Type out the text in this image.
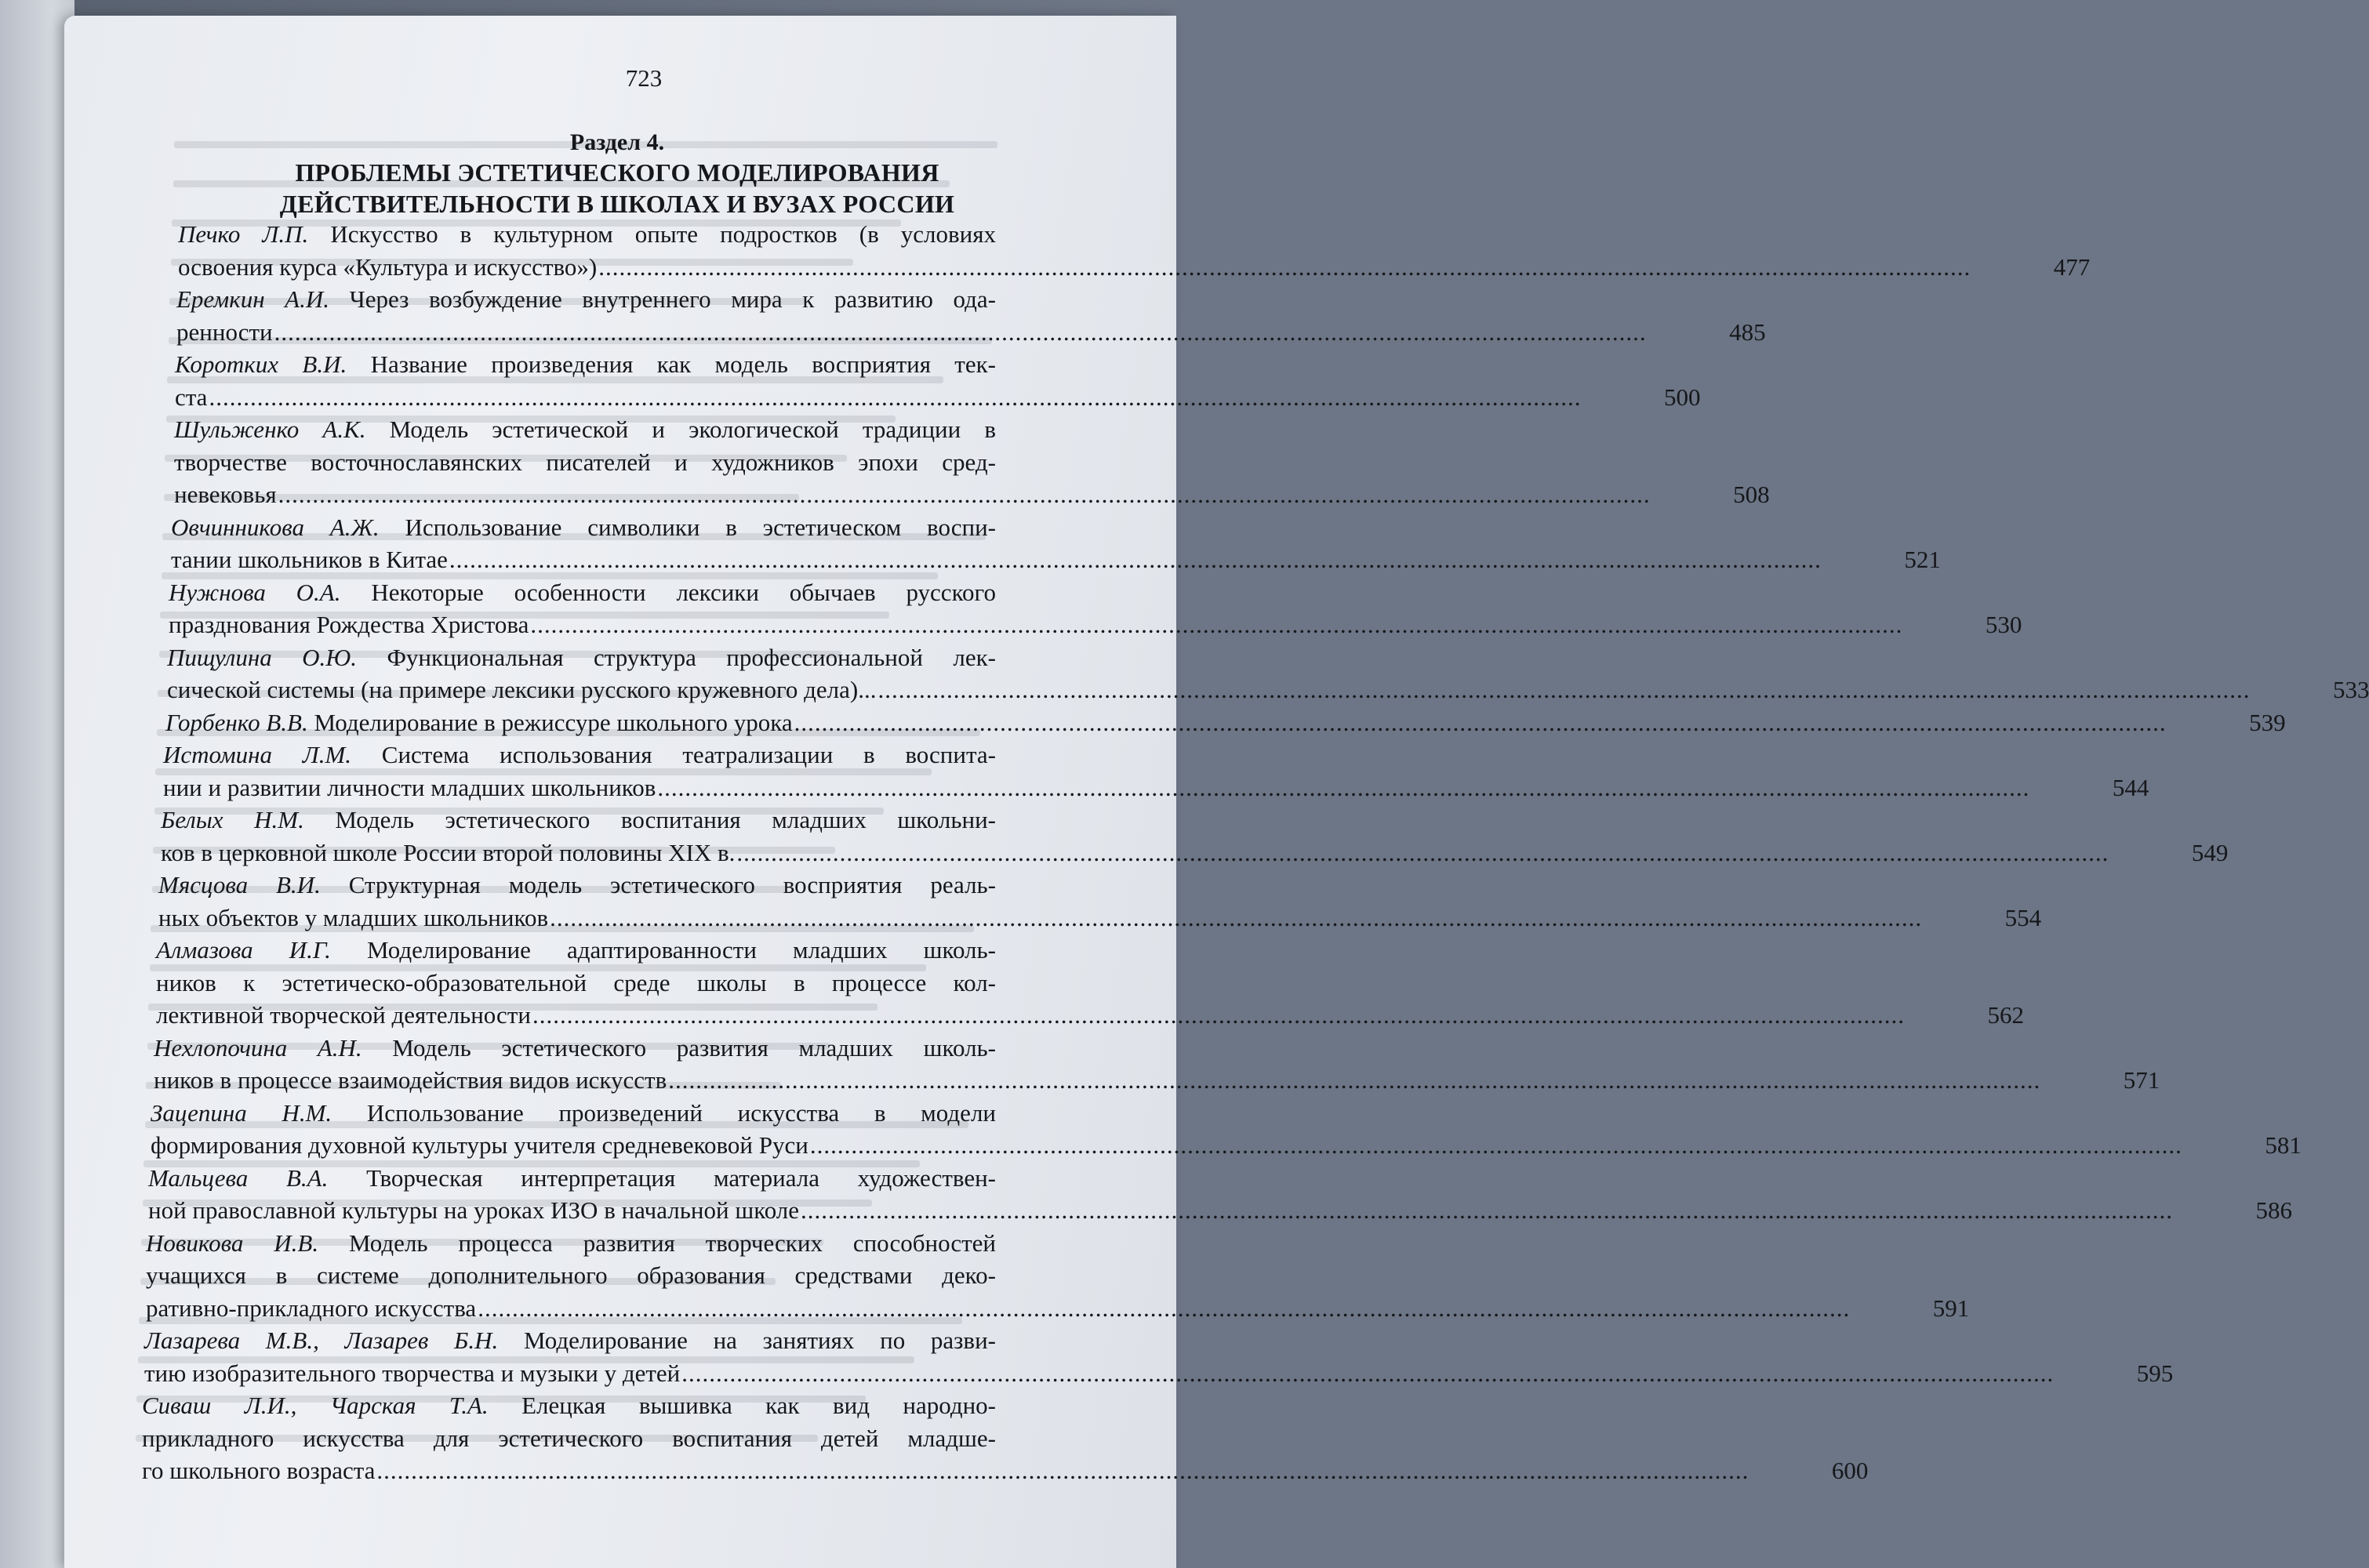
723
Раздел 4.
ПРОБЛЕМЫ ЭСТЕТИЧЕСКОГО МОДЕЛИРОВАНИЯ
ДЕЙСТВИТЕЛЬНОСТИ В ШКОЛАХ И ВУЗАХ РОССИИ
Печко Л.П. Искусство в культурном опыте подростков (в условиях
освоения курса «Культура и искусство») ........................................................................................................................................................................................................	477
Еремкин А.И. Через возбуждение внутреннего мира к развитию ода-
ренности ........................................................................................................................................................................................................	485
Коротких В.И. Название произведения как модель восприятия тек-
ста ........................................................................................................................................................................................................	500
Шульженко А.К. Модель эстетической и экологической традиции в
творчестве восточнославянских писателей и художников эпохи сред-
невековья ........................................................................................................................................................................................................	508
Овчинникова А.Ж. Использование символики в эстетическом воспи-
тании школьников в Китае ........................................................................................................................................................................................................	521
Нужнова О.А. Некоторые особенности лексики обычаев русского
празднования Рождества Христова ........................................................................................................................................................................................................	530
Пищулина О.Ю. Функциональная структура профессиональной лек-
сической системы (на примере лексики русского кружевного дела)... ........................................................................................................................................................................................................	533
Горбенко В.В. Моделирование в режиссуре школьного урока ........................................................................................................................................................................................................	539
Истомина Л.М. Система использования театрализации в воспита-
нии и развитии личности младших школьников ........................................................................................................................................................................................................	544
Белых Н.М. Модель эстетического воспитания младших школьни-
ков в церковной школе России второй половины XIX в. ........................................................................................................................................................................................................	549
Мясцова В.И. Структурная модель эстетического восприятия реаль-
ных объектов у младших школьников ........................................................................................................................................................................................................	554
Алмазова И.Г. Моделирование адаптированности младших школь-
ников к эстетическо-образовательной среде школы в процессе кол-
лективной творческой деятельности ........................................................................................................................................................................................................	562
Нехлопочина А.Н. Модель эстетического развития младших школь-
ников в процессе взаимодействия видов искусств ........................................................................................................................................................................................................	571
Зацепина Н.М. Использование произведений искусства в модели
формирования духовной культуры учителя средневековой Руси ........................................................................................................................................................................................................	581
Мальцева В.А. Творческая интерпретация материала художествен-
ной православной культуры на уроках ИЗО в начальной школе ........................................................................................................................................................................................................	586
Новикова И.В. Модель процесса развития творческих способностей
учащихся в системе дополнительного образования средствами деко-
ративно-прикладного искусства ........................................................................................................................................................................................................	591
Лазарева М.В., Лазарев Б.Н. Моделирование на занятиях по разви-
тию изобразительного творчества и музыки у детей ........................................................................................................................................................................................................	595
Сиваш Л.И., Чарская Т.А. Елецкая вышивка как вид народно-
прикладного искусства для эстетического воспитания детей младше-
го школьного возраста ........................................................................................................................................................................................................	600
